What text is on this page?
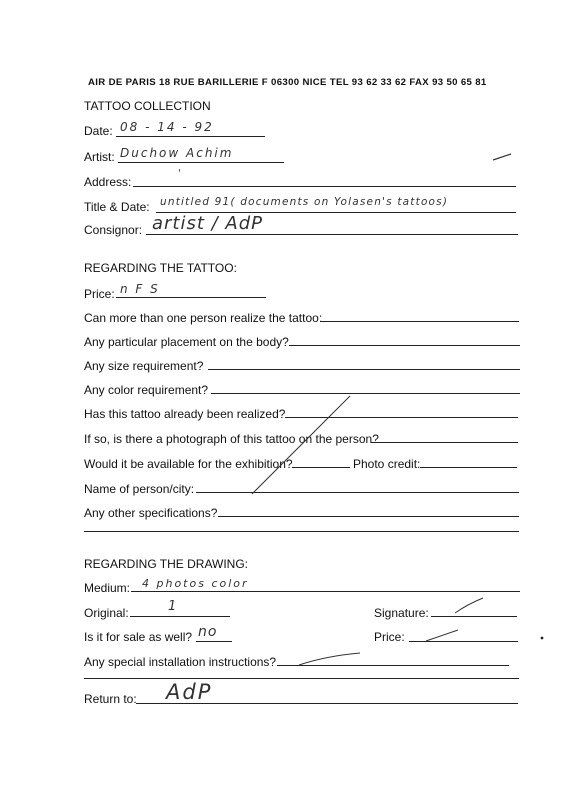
AIR DE PARIS 18 RUE BARILLERIE F 06300 NICE TEL 93 62 33 62 FAX 93 50 65 81
TATTOO COLLECTION
Date: 08 - 14 - 92
Artist: Duchow Achim
Address:
'
Title & Date: untitled 91( documents on Yolasen's tattoos)
Consignor: artist / AdP
REGARDING THE TATTOO:
Price: n F S
Can more than one person realize the tattoo:
Any particular placement on the body?
Any size requirement?
Any color requirement?
Has this tattoo already been realized?
If so, is there a photograph of this tattoo on the person?
Would it be available for the exhibition?	Photo credit:
Name of person/city:
Any other specifications?
REGARDING THE DRAWING:
Medium: 4 photos color
Original:	1	Signature:
Is it for sale as well? no	Price:
Any special installation instructions?
Return to: AdP
